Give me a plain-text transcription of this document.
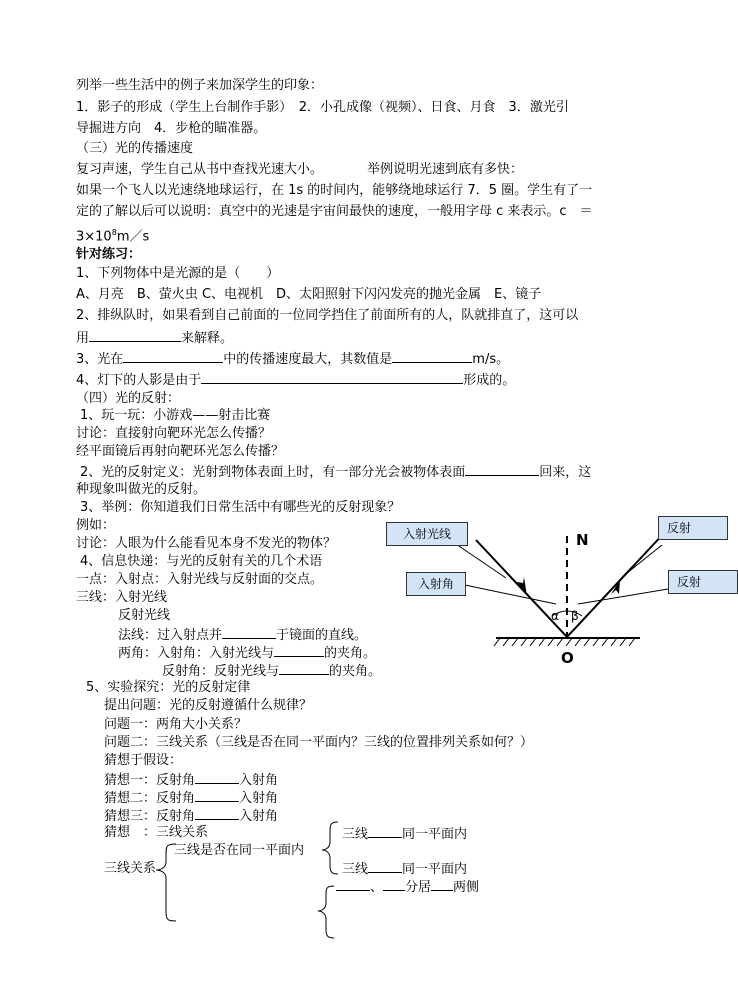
列举一些生活中的例子来加深学生的印象：
1．影子的形成（学生上台制作手影）　2．小孔成像（视频）、日食、月食　3．激光引
导掘进方向　4．步枪的瞄准器。
（三）光的传播速度
复习声速，学生自己从书中查找光速大小。	举例说明光速到底有多快：
如果一个飞人以光速绕地球运行，在 1s 的时间内，能够绕地球运行 7．5 圈。学生有了一
定的了解以后可以说明：真空中的光速是宇宙间最快的速度，一般用字母 c 来表示。c　＝
$3\times 10^8m/s$
针对练习：
1、下列物体中是光源的是（　　）
A、月亮　B、萤火虫 C、电视机　D、太阳照射下闪闪发亮的抛光金属　E、镜子
2、排纵队时，如果看到自己前面的一位同学挡住了前面所有的人，队就排直了，这可以
用	来解释。
3、光在	中的传播速度最大，其数值是	m/s。
4、灯下的人影是由于	形成的。
（四）光的反射：
1、玩一玩：小游戏——射击比赛
讨论：直接射向靶环光怎么传播？
经平面镜后再射向靶环光怎么传播？
2、光的反射定义：光射到物体表面上时，有一部分光会被物体表面	回来，这
种现象叫做光的反射。
3、举例：你知道我们日常生活中有哪些光的反射现象？
例如：
讨论：人眼为什么能看见本身不发光的物体？
4、信息快递：与光的反射有关的几个术语
一点：入射点：入射光线与反射面的交点。
三线：入射光线
反射光线
法线：过入射点并	于镜面的直线。
两角：入射角：入射光线与	的夹角。
反射角：反射光线与	的夹角。
5、实验探究：光的反射定律
提出问题：光的反射遵循什么规律？
问题一：两角大小关系？
问题二：三线关系（三线是否在同一平面内？三线的位置排列关系如何？）
猜想于假设：
猜想一：反射角	入射角
猜想二：反射角	入射角
猜想三：反射角	入射角
猜想　：三线关系
三线是否在同一平面内
三线	同一平面内
三线关系	三线	同一平面内
、 分居 两侧
入射光线
入射角
反射
反射
N
O
α β
